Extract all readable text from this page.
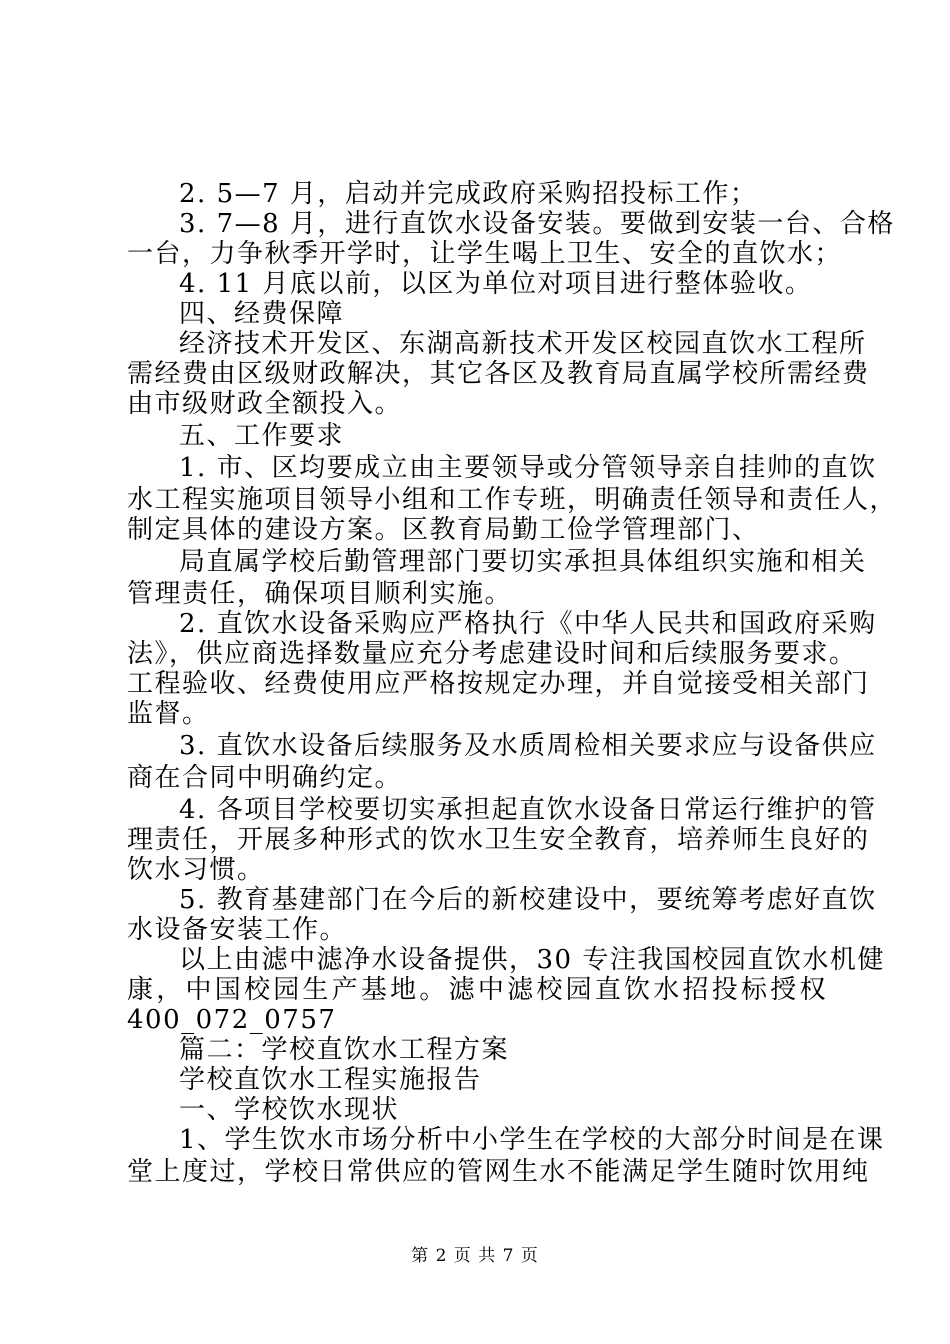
2. 5—7 月，启动并完成政府采购招投标工作；
3. 7—8 月，进行直饮水设备安装。要做到安装一台、合格
一台，力争秋季开学时，让学生喝上卫生、安全的直饮水；
4. 11 月底以前，以区为单位对项目进行整体验收。
四、经费保障
经济技术开发区、东湖高新技术开发区校园直饮水工程所
需经费由区级财政解决，其它各区及教育局直属学校所需经费
由市级财政全额投入。
五、工作要求
1. 市、区均要成立由主要领导或分管领导亲自挂帅的直饮
水工程实施项目领导小组和工作专班，明确责任领导和责任人，
制定具体的建设方案。区教育局勤工俭学管理部门、
局直属学校后勤管理部门要切实承担具体组织实施和相关
管理责任，确保项目顺利实施。
2. 直饮水设备采购应严格执行《中华人民共和国政府采购
法》，供应商选择数量应充分考虑建设时间和后续服务要求。
工程验收、经费使用应严格按规定办理，并自觉接受相关部门
监督。
3. 直饮水设备后续服务及水质周检相关要求应与设备供应
商在合同中明确约定。
4. 各项目学校要切实承担起直饮水设备日常运行维护的管
理责任，开展多种形式的饮水卫生安全教育，培养师生良好的
饮水习惯。
5. 教育基建部门在今后的新校建设中，要统筹考虑好直饮
水设备安装工作。
以上由滤中滤净水设备提供，30 专注我国校园直饮水机健
康，中国校园生产基地。滤中滤校园直饮水招投标授权
400_072_0757
篇二：学校直饮水工程方案
学校直饮水工程实施报告
一、学校饮水现状
1、学生饮水市场分析中小学生在学校的大部分时间是在课
堂上度过，学校日常供应的管网生水不能满足学生随时饮用纯
第 2 页 共 7 页
